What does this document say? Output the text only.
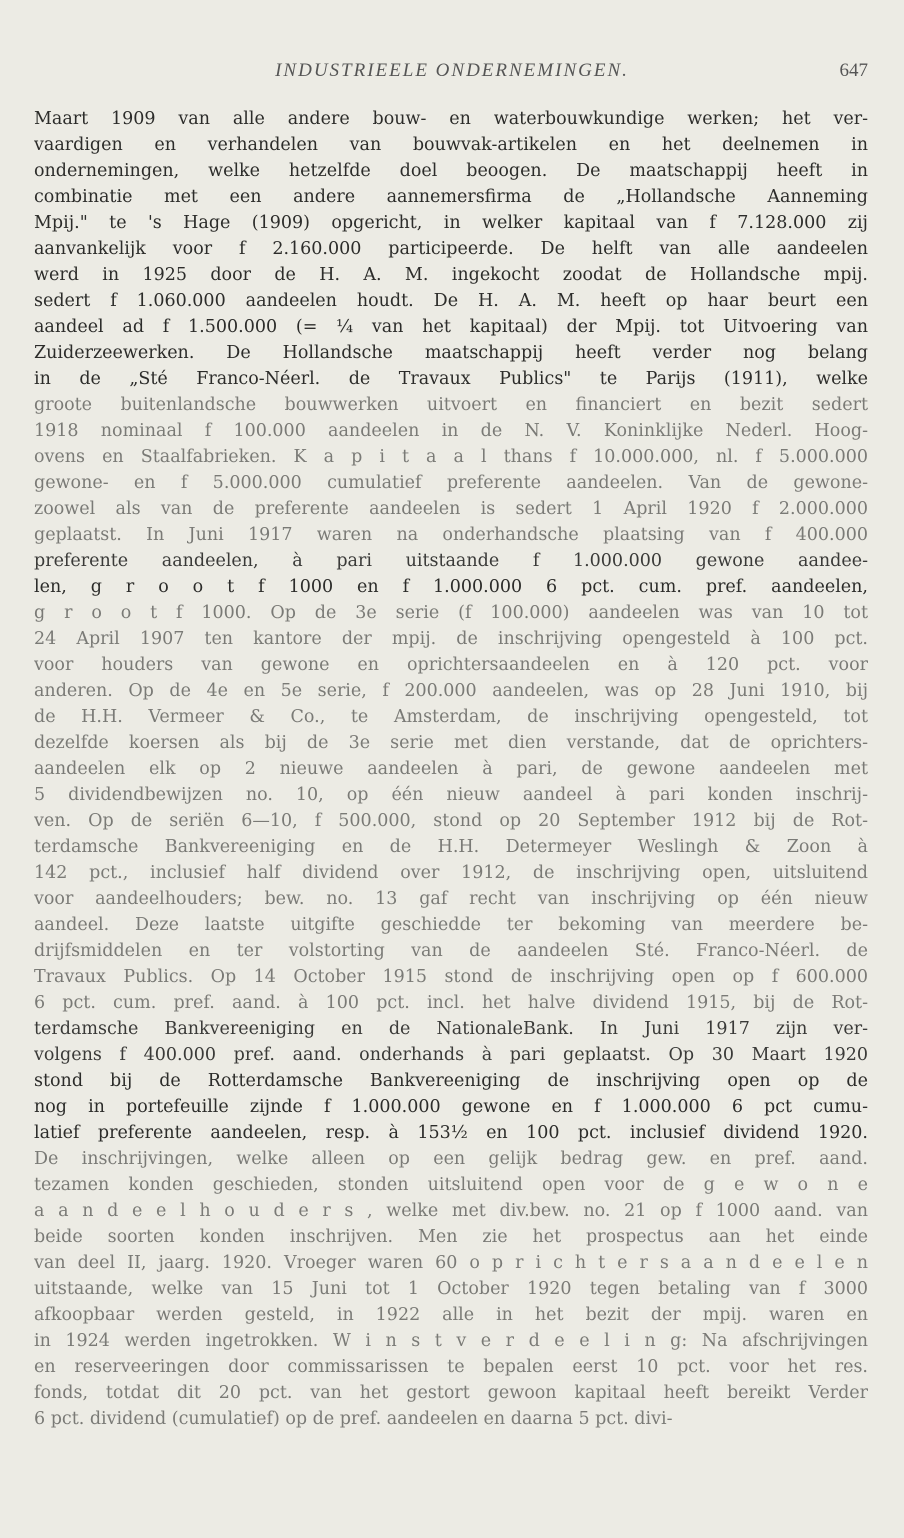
INDUSTRIEELE ONDERNEMINGEN.	647
Maart 1909 van alle andere bouw- en waterbouwkundige werken; het ver-
vaardigen en verhandelen van bouwvak-artikelen en het deelnemen in
ondernemingen, welke hetzelfde doel beoogen. De maatschappij heeft in
combinatie met een andere aannemersfirma de „Hollandsche Aanneming
Mpij." te 's Hage (1909) opgericht, in welker kapitaal van f 7.128.000 zij
aanvankelijk voor f 2.160.000 participeerde. De helft van alle aandeelen
werd in 1925 door de H. A. M. ingekocht zoodat de Hollandsche mpij.
sedert f 1.060.000 aandeelen houdt. De H. A. M. heeft op haar beurt een
aandeel ad f 1.500.000 (= ¼ van het kapitaal) der Mpij. tot Uitvoering van
Zuiderzeewerken. De Hollandsche maatschappij heeft verder nog belang
in de „Sté Franco-Néerl. de Travaux Publics" te Parijs (1911), welke
groote buitenlandsche bouwwerken uitvoert en financiert en bezit sedert
1918 nominaal f 100.000 aandeelen in de N. V. Koninklijke Nederl. Hoog-
ovens en Staalfabrieken. K a p i t a a l thans f 10.000.000, nl. f 5.000.000
gewone- en f 5.000.000 cumulatief preferente aandeelen. Van de gewone-
zoowel als van de preferente aandeelen is sedert 1 April 1920 f 2.000.000
geplaatst. In Juni 1917 waren na onderhandsche plaatsing van f 400.000
preferente aandeelen, à pari uitstaande f 1.000.000 gewone aandee-
len, g r o o t f 1000 en f 1.000.000 6 pct. cum. pref. aandeelen,
g r o o t f 1000. Op de 3e serie (f 100.000) aandeelen was van 10 tot
24 April 1907 ten kantore der mpij. de inschrijving opengesteld à 100 pct.
voor houders van gewone en oprichtersaandeelen en à 120 pct. voor
anderen. Op de 4e en 5e serie, f 200.000 aandeelen, was op 28 Juni 1910, bij
de H.H. Vermeer & Co., te Amsterdam, de inschrijving opengesteld, tot
dezelfde koersen als bij de 3e serie met dien verstande, dat de oprichters-
aandeelen elk op 2 nieuwe aandeelen à pari, de gewone aandeelen met
5 dividendbewijzen no. 10, op één nieuw aandeel à pari konden inschrij-
ven. Op de seriën 6—10, f 500.000, stond op 20 September 1912 bij de Rot-
terdamsche Bankvereeniging en de H.H. Determeyer Weslingh & Zoon à
142 pct., inclusief half dividend over 1912, de inschrijving open, uitsluitend
voor aandeelhouders; bew. no. 13 gaf recht van inschrijving op één nieuw
aandeel. Deze laatste uitgifte geschiedde ter bekoming van meerdere be-
drijfsmiddelen en ter volstorting van de aandeelen Sté. Franco-Néerl. de
Travaux Publics. Op 14 October 1915 stond de inschrijving open op f 600.000
6 pct. cum. pref. aand. à 100 pct. incl. het halve dividend 1915, bij de Rot-
terdamsche Bankvereeniging en de NationaleBank. In Juni 1917 zijn ver-
volgens f 400.000 pref. aand. onderhands à pari geplaatst. Op 30 Maart 1920
stond bij de Rotterdamsche Bankvereeniging de inschrijving open op de
nog in portefeuille zijnde f 1.000.000 gewone en f 1.000.000 6 pct cumu-
latief preferente aandeelen, resp. à 153½ en 100 pct. inclusief dividend 1920.
De inschrijvingen, welke alleen op een gelijk bedrag gew. en pref. aand.
tezamen konden geschieden, stonden uitsluitend open voor de g e w o n e
a a n d e e l h o u d e r s , welke met div.bew. no. 21 op f 1000 aand. van
beide soorten konden inschrijven. Men zie het prospectus aan het einde
van deel II, jaarg. 1920. Vroeger waren 60 o p r i c h t e r s a a n d e e l e n
uitstaande, welke van 15 Juni tot 1 October 1920 tegen betaling van f 3000
afkoopbaar werden gesteld, in 1922 alle in het bezit der mpij. waren en
in 1924 werden ingetrokken. W i n s t v e r d e e l i n g: Na afschrijvingen
en reserveeringen door commissarissen te bepalen eerst 10 pct. voor het res.
fonds, totdat dit 20 pct. van het gestort gewoon kapitaal heeft bereikt Verder
6 pct. dividend (cumulatief) op de pref. aandeelen en daarna 5 pct. divi-
